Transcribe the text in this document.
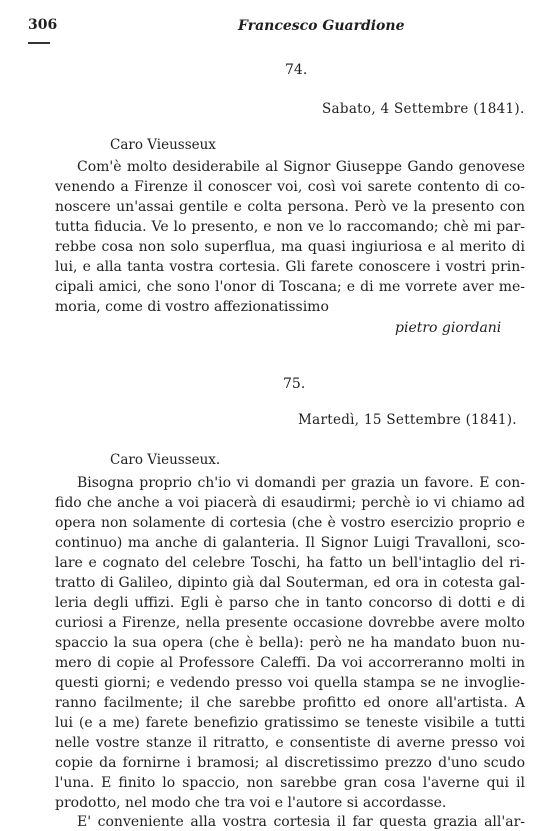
306	Francesco Guardione
74.
Sabato, 4 Settembre (1841).
Caro Vieusseux
Com'è molto desiderabile al Signor Giuseppe Gando genovese
venendo a Firenze il conoscer voi, così voi sarete contento di co-
noscere un'assai gentile e colta persona. Però ve la presento con
tutta fiducia. Ve lo presento, e non ve lo raccomando; chè mi par-
rebbe cosa non solo superflua, ma quasi ingiuriosa e al merito di
lui, e alla tanta vostra cortesia. Gli farete conoscere i vostri prin-
cipali amici, che sono l'onor di Toscana; e di me vorrete aver me-
moria, come di vostro affezionatissimo
pietro giordani
75.
Martedì, 15 Settembre (1841).
Caro Vieusseux.
Bisogna proprio ch'io vi domandi per grazia un favore. E con-
fido che anche a voi piacerà di esaudirmi; perchè io vi chiamo ad
opera non solamente di cortesia (che è vostro esercizio proprio e
continuo) ma anche di galanteria. Il Signor Luigi Travalloni, sco-
lare e cognato del celebre Toschi, ha fatto un bell'intaglio del ri-
tratto di Galileo, dipinto già dal Souterman, ed ora in cotesta gal-
leria degli uffizi. Egli è parso che in tanto concorso di dotti e di
curiosi a Firenze, nella presente occasione dovrebbe avere molto
spaccio la sua opera (che è bella): però ne ha mandato buon nu-
mero di copie al Professore Caleffi. Da voi accorreranno molti in
questi giorni; e vedendo presso voi quella stampa se ne invoglie-
ranno facilmente; il che sarebbe profitto ed onore all'artista. A
lui (e a me) farete benefizio gratissimo se teneste visibile a tutti
nelle vostre stanze il ritratto, e consentiste di averne presso voi
copie da fornirne i bramosi; al discretissimo prezzo d'uno scudo
l'una. E finito lo spaccio, non sarebbe gran cosa l'averne qui il
prodotto, nel modo che tra voi e l'autore si accordasse.
E' conveniente alla vostra cortesia il far questa grazia all'ar-
